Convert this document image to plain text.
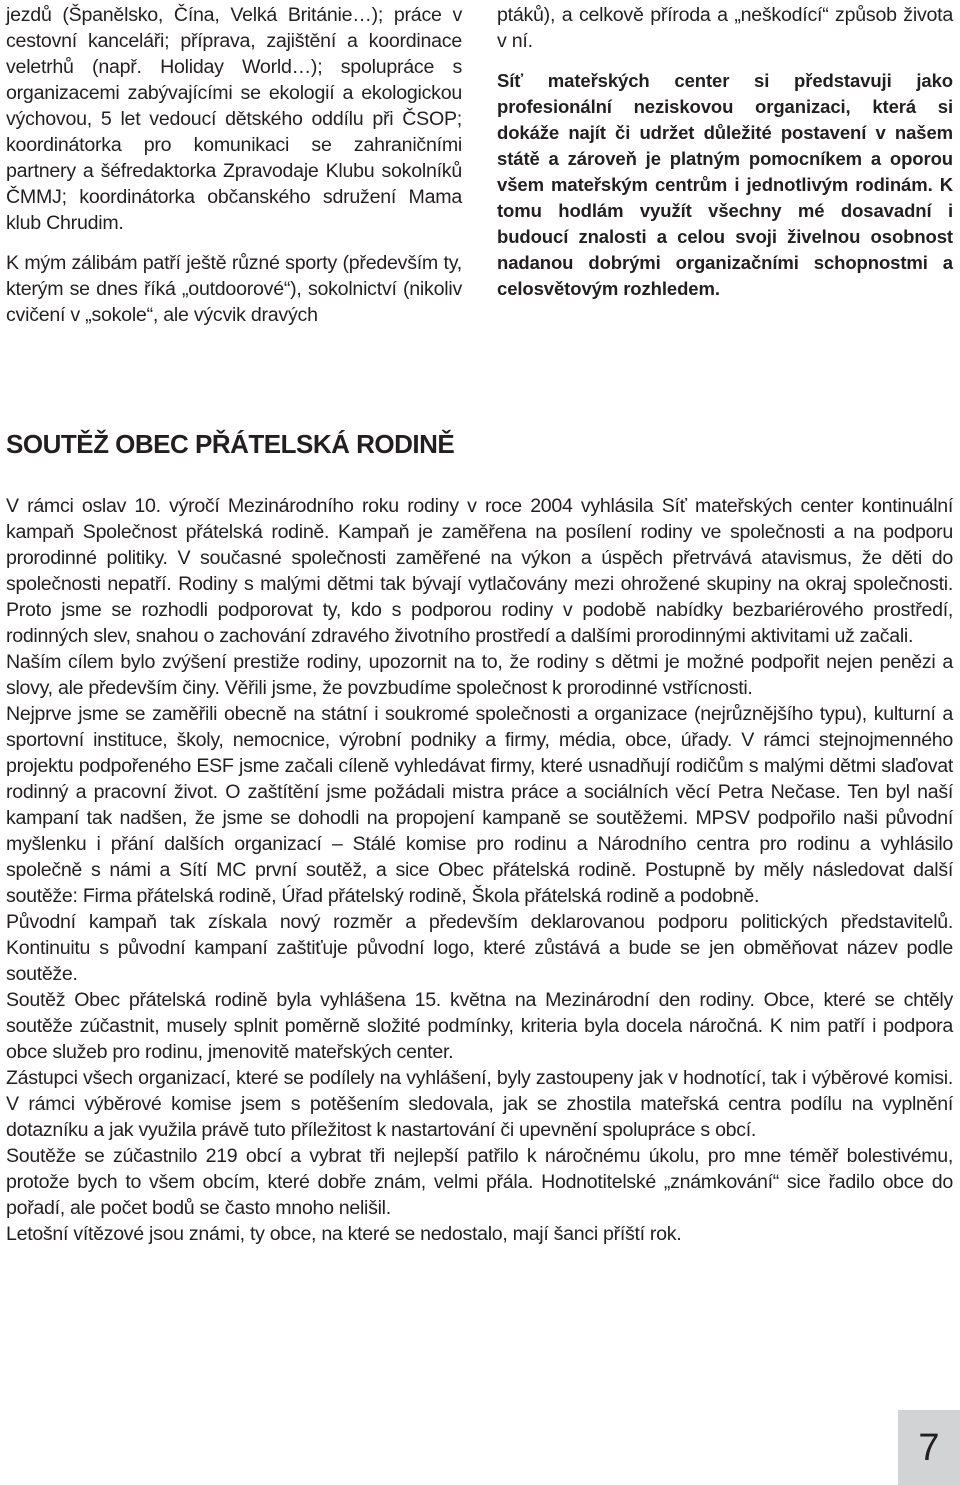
jezdů (Španělsko, Čína, Velká Británie…); práce v cestovní kanceláři; příprava, zajištění a koordinace veletrhů (např. Holiday World…); spolupráce s organizacemi zabývajícími se ekologií a ekologickou výchovou, 5 let vedoucí dětského oddílu při ČSOP; koordinátorka pro komunikaci se zahraničními partnery a šéfredaktorka Zpravodaje Klubu sokolníků ČMMJ; koordinátorka občanského sdružení Mama klub Chrudim.

K mým zálibám patří ještě různé sporty (především ty, kterým se dnes říká „outdoorové“), sokolnictví (nikoliv cvičení v „sokole“, ale výcvik dravých

ptáků), a celkově příroda a „neškodící“ způsob života v ní.

Síť mateřských center si představuji jako profesionální neziskovou organizaci, která si dokáže najít či udržet důležité postavení v našem státě a zároveň je platným pomocníkem a oporou všem mateřským centrům i jednotlivým rodinám. K tomu hodlám využít všechny mé dosavadní i budoucí znalosti a celou svoji živelnou osobnost nadanou dobrými organizačními schopnostmi a celosvětovým rozhledem.

SOUTĚŽ OBEC PŘÁTELSKÁ RODINĚ

V rámci oslav 10. výročí Mezinárodního roku rodiny v roce 2004 vyhlásila Síť mateřských center kontinuální kampaň Společnost přátelská rodině. Kampaň je zaměřena na posílení rodiny ve společnosti a na podporu prorodinné politiky. V současné společnosti zaměřené na výkon a úspěch přetrvává atavismus, že děti do společnosti nepatří. Rodiny s malými dětmi tak bývají vytlačovány mezi ohrožené skupiny na okraj společnosti. Proto jsme se rozhodli podporovat ty, kdo s podporou rodiny v podobě nabídky bezbariérového prostředí, rodinných slev, snahou o zachování zdravého životního prostředí a dalšími prorodinnými aktivitami už začali.

Naším cílem bylo zvýšení prestiže rodiny, upozornit na to, že rodiny s dětmi je možné podpořit nejen penězi a slovy, ale především činy. Věřili jsme, že povzbudíme společnost k prorodinné vstřícnosti.

Nejprve jsme se zaměřili obecně na státní i soukromé společnosti a organizace (nejrůznějšího typu), kulturní a sportovní instituce, školy, nemocnice, výrobní podniky a firmy, média, obce, úřady. V rámci stejnojmenného projektu podpořeného ESF jsme začali cíleně vyhledávat firmy, které usnadňují rodičům s malými dětmi slaďovat rodinný a pracovní život. O zaštítění jsme požádali mistra práce a sociálních věcí Petra Nečase. Ten byl naší kampaní tak nadšen, že jsme se dohodli na propojení kampaně se soutěžemi. MPSV podpořilo naši původní myšlenku i přání dalších organizací – Stálé komise pro rodinu a Národního centra pro rodinu a vyhlásilo společně s námi a Sítí MC první soutěž, a sice Obec přátelská rodině. Postupně by měly následovat další soutěže: Firma přátelská rodině, Úřad přátelský rodině, Škola přátelská rodině a podobně.

Původní kampaň tak získala nový rozměr a především deklarovanou podporu politických představitelů. Kontinuitu s původní kampaní zaštiťuje původní logo, které zůstává a bude se jen obměňovat název podle soutěže.

Soutěž Obec přátelská rodině byla vyhlášena 15. května na Mezinárodní den rodiny. Obce, které se chtěly soutěže zúčastnit, musely splnit poměrně složité podmínky, kriteria byla docela náročná. K nim patří i podpora obce služeb pro rodinu, jmenovitě mateřských center.

Zástupci všech organizací, které se podílely na vyhlášení, byly zastoupeny jak v hodnotící, tak i výběrové komisi. V rámci výběrové komise jsem s potěšením sledovala, jak se zhostila mateřská centra podílu na vyplnění dotazníku a jak využila právě tuto příležitost k nastartování či upevnění spolupráce s obcí.

Soutěže se zúčastnilo 219 obcí a vybrat tři nejlepší patřilo k náročnému úkolu, pro mne téměř bolestivému, protože bych to všem obcím, které dobře znám, velmi přála. Hodnotitelské „známkování“ sice řadilo obce do pořadí, ale počet bodů se často mnoho nelišil.

Letošní vítězové jsou známi, ty obce, na které se nedostalo, mají šanci příští rok.

7
